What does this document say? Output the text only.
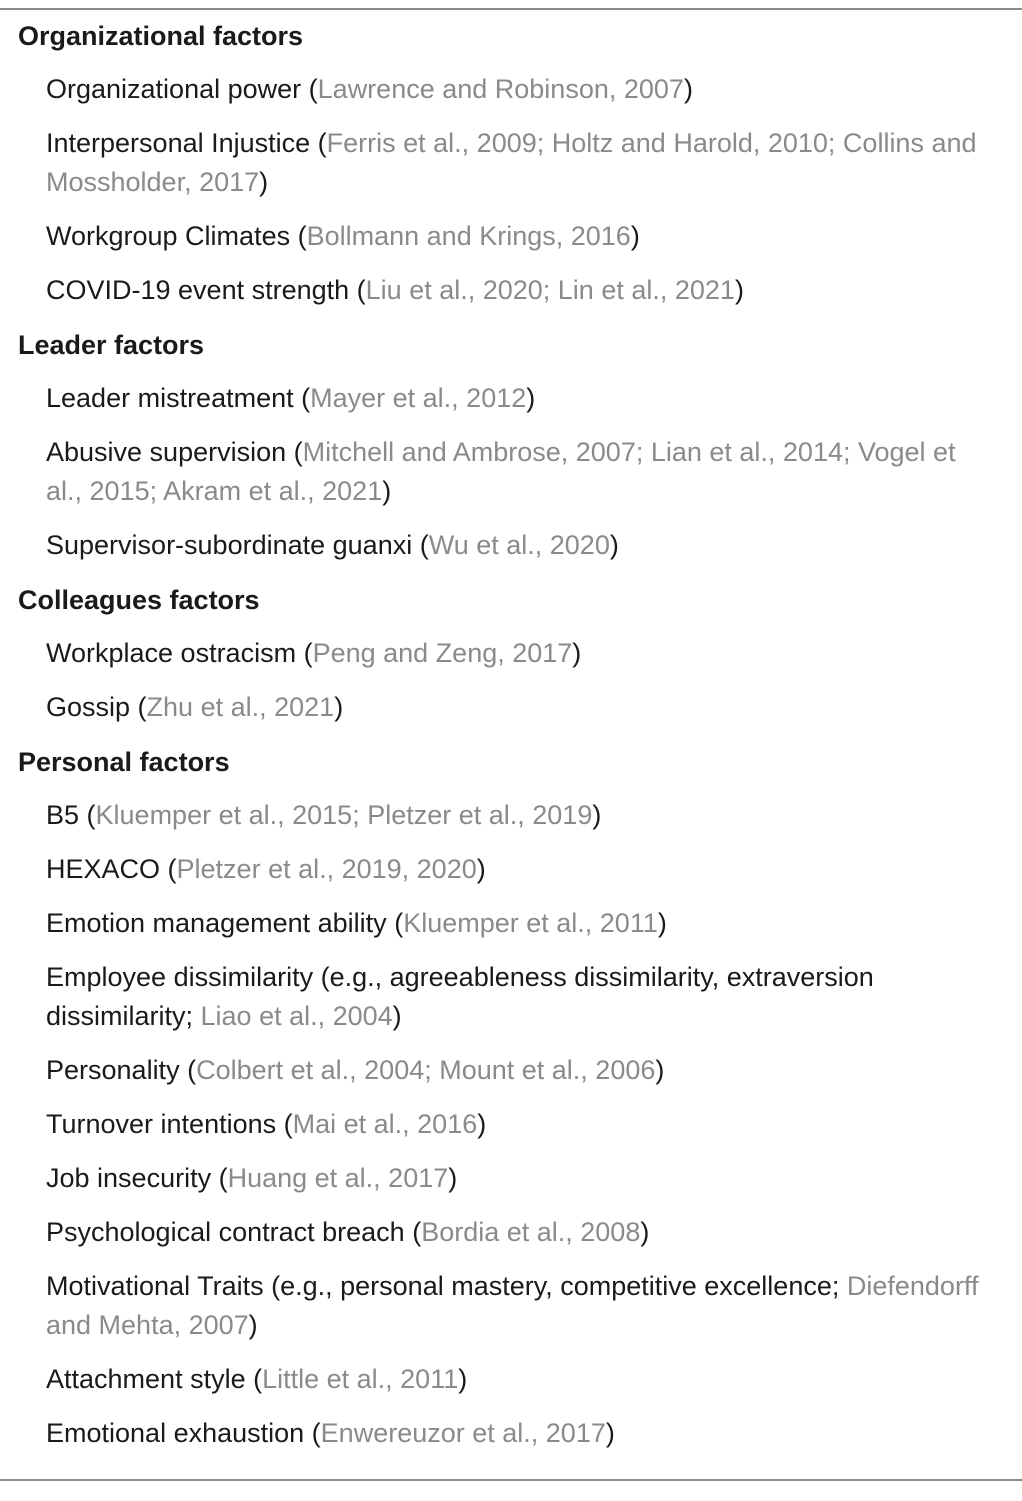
Organizational factors
Organizational power (Lawrence and Robinson, 2007)
Interpersonal Injustice (Ferris et al., 2009; Holtz and Harold, 2010; Collins and Mossholder, 2017)
Workgroup Climates (Bollmann and Krings, 2016)
COVID-19 event strength (Liu et al., 2020; Lin et al., 2021)
Leader factors
Leader mistreatment (Mayer et al., 2012)
Abusive supervision (Mitchell and Ambrose, 2007; Lian et al., 2014; Vogel et al., 2015; Akram et al., 2021)
Supervisor-subordinate guanxi (Wu et al., 2020)
Colleagues factors
Workplace ostracism (Peng and Zeng, 2017)
Gossip (Zhu et al., 2021)
Personal factors
B5 (Kluemper et al., 2015; Pletzer et al., 2019)
HEXACO (Pletzer et al., 2019, 2020)
Emotion management ability (Kluemper et al., 2011)
Employee dissimilarity (e.g., agreeableness dissimilarity, extraversion dissimilarity; Liao et al., 2004)
Personality (Colbert et al., 2004; Mount et al., 2006)
Turnover intentions (Mai et al., 2016)
Job insecurity (Huang et al., 2017)
Psychological contract breach (Bordia et al., 2008)
Motivational Traits (e.g., personal mastery, competitive excellence; Diefendorff and Mehta, 2007)
Attachment style (Little et al., 2011)
Emotional exhaustion (Enwereuzor et al., 2017)
